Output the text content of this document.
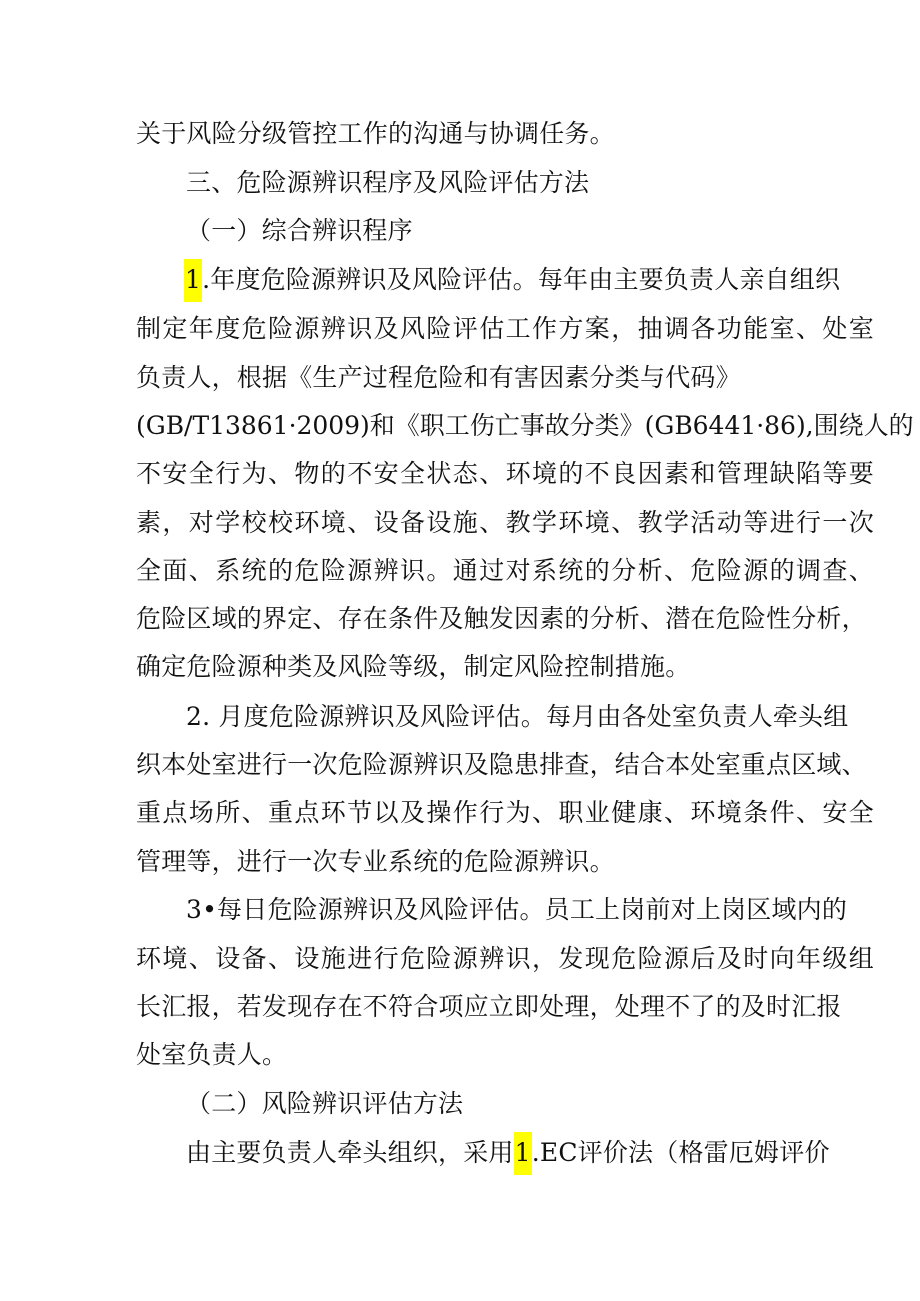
关于风险分级管控工作的沟通与协调任务。
三、危险源辨识程序及风险评估方法
（一）综合辨识程序
1.年度危险源辨识及风险评估。每年由主要负责人亲自组织
制定年度危险源辨识及风险评估工作方案，抽调各功能室、处室
负责人，根据《生产过程危险和有害因素分类与代码》
(GB/T13861·2009)和《职工伤亡事故分类》(GB6441·86),围绕人的
不安全行为、物的不安全状态、环境的不良因素和管理缺陷等要
素，对学校校环境、设备设施、教学环境、教学活动等进行一次
全面、系统的危险源辨识。通过对系统的分析、危险源的调查、
危险区域的界定、存在条件及触发因素的分析、潜在危险性分析，
确定危险源种类及风险等级，制定风险控制措施。
2. 月度危险源辨识及风险评估。每月由各处室负责人牵头组
织本处室进行一次危险源辨识及隐患排查，结合本处室重点区域、
重点场所、重点环节以及操作行为、职业健康、环境条件、安全
管理等，进行一次专业系统的危险源辨识。
3•每日危险源辨识及风险评估。员工上岗前对上岗区域内的
环境、设备、设施进行危险源辨识，发现危险源后及时向年级组
长汇报，若发现存在不符合项应立即处理，处理不了的及时汇报
处室负责人。
（二）风险辨识评估方法
由主要负责人牵头组织，采用1.EC评价法（格雷厄姆评价
